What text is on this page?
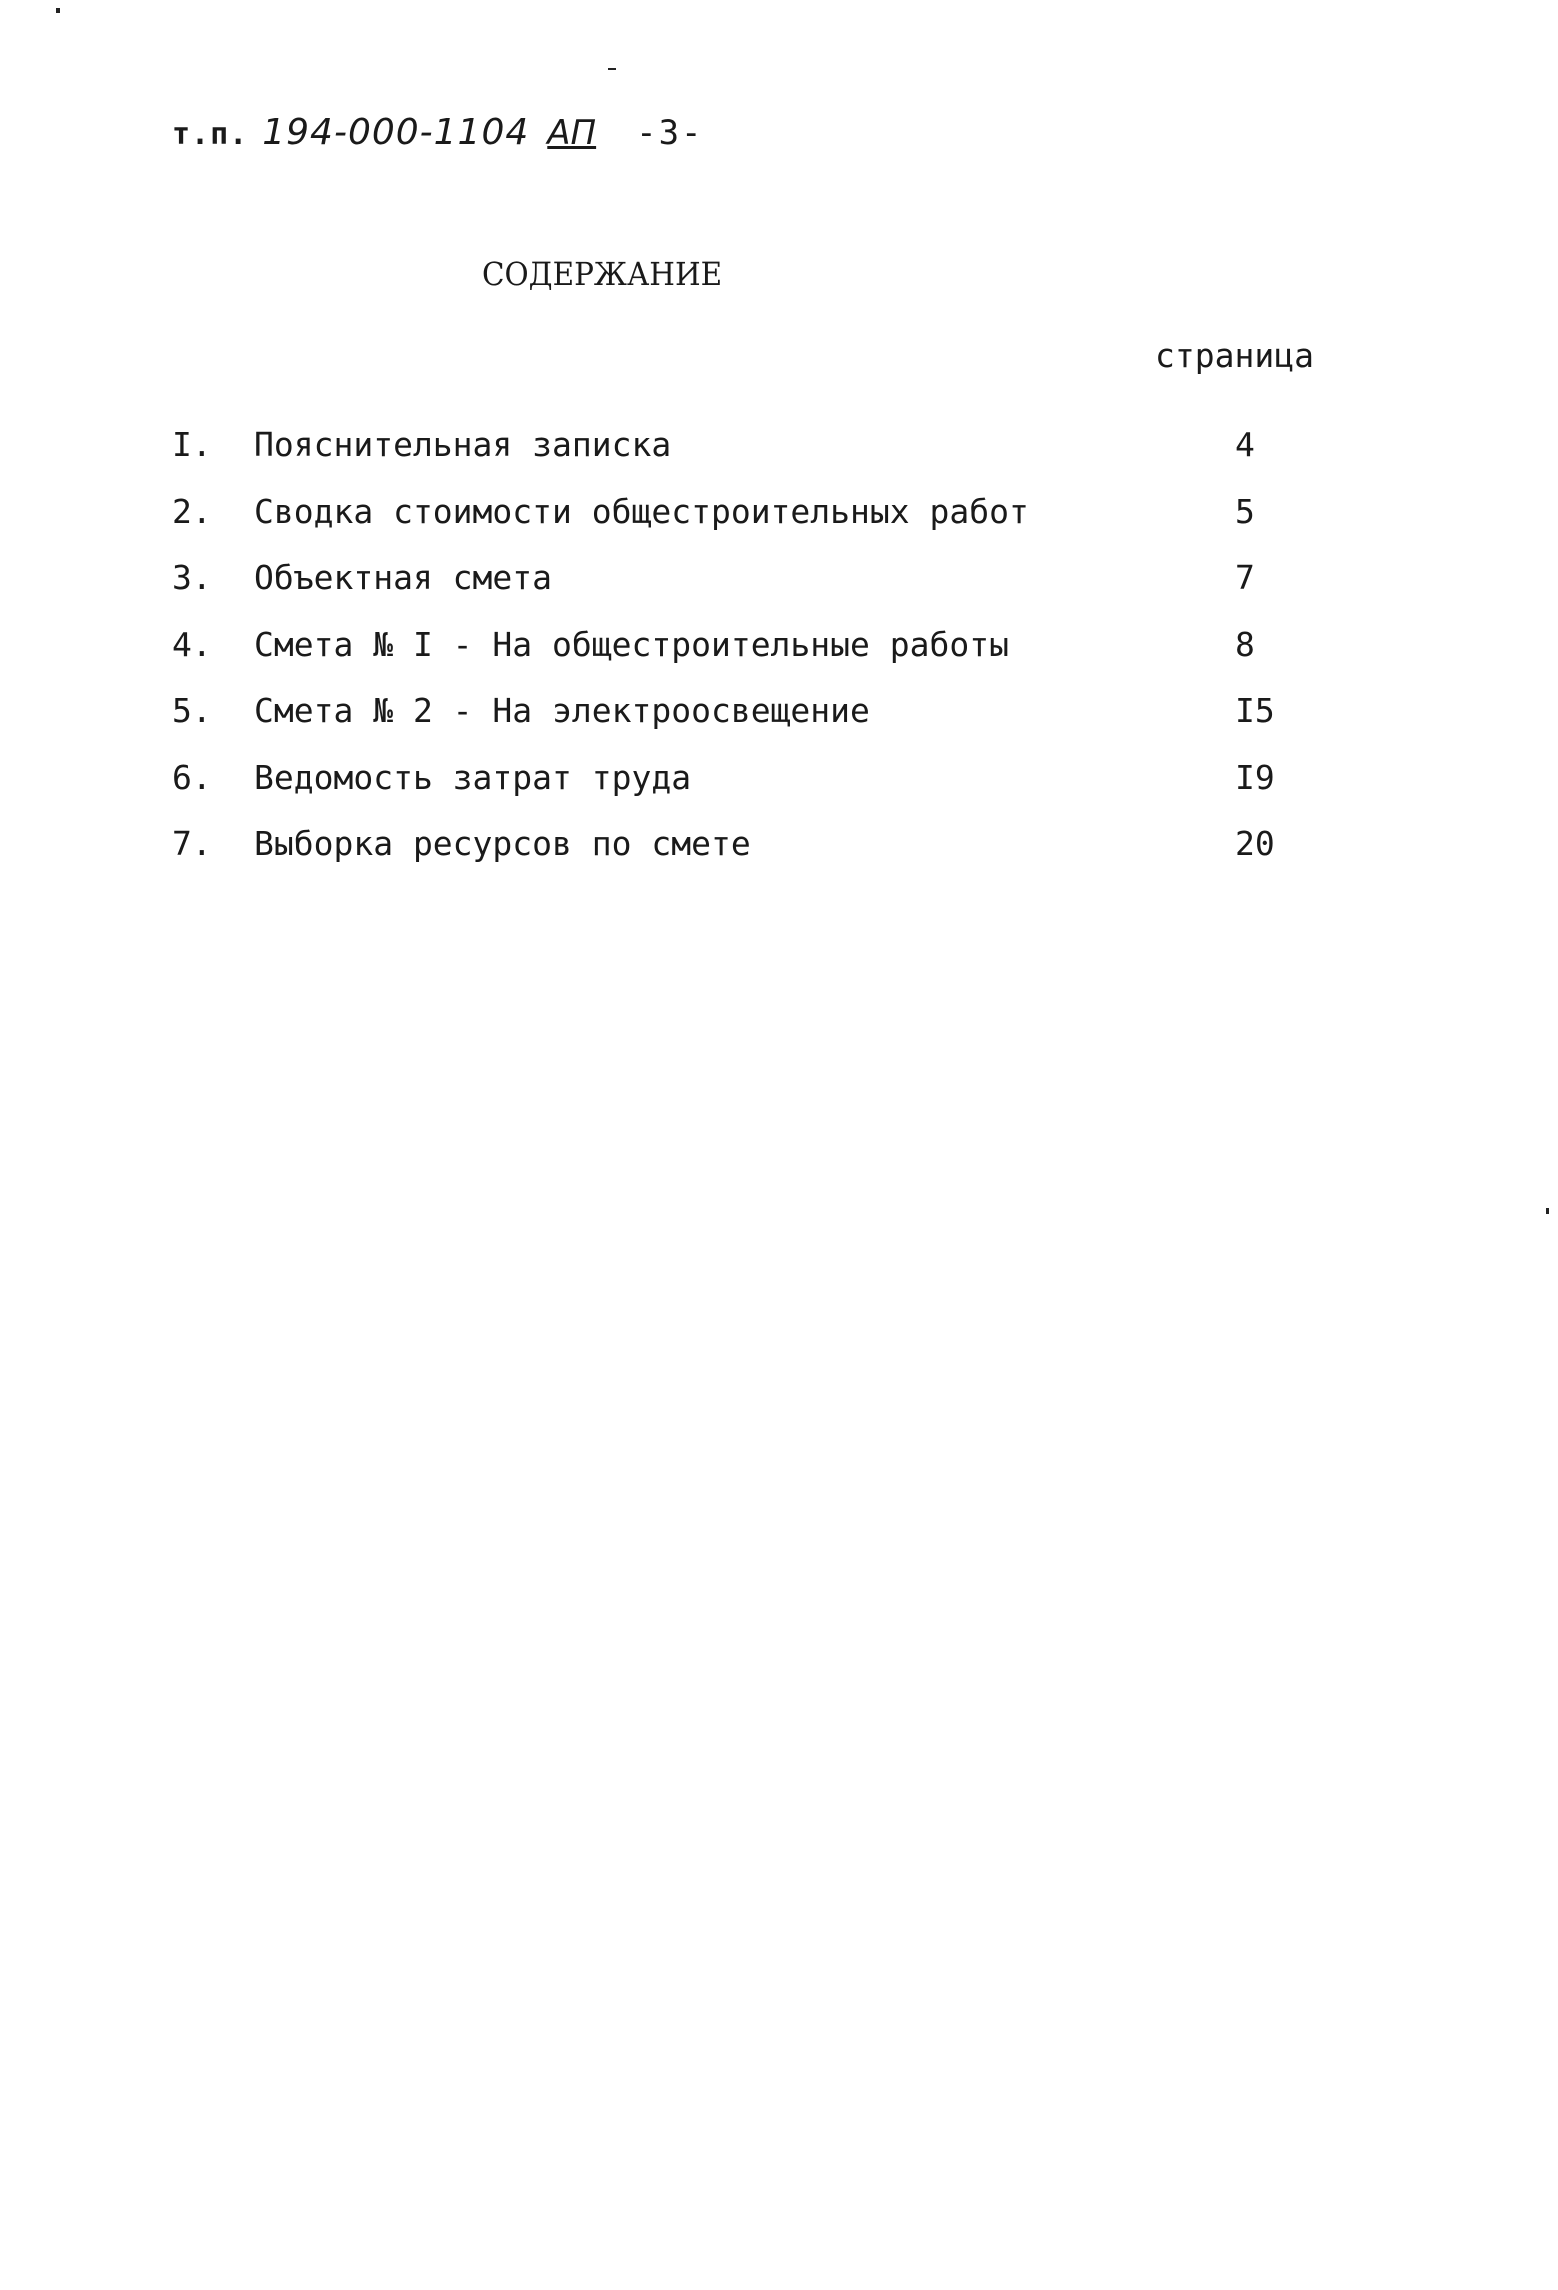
т.п. 194-000-1104 АП -3-
СОДЕРЖАНИЕ
страница
I. Пояснительная записка	4
2. Сводка стоимости общестроительных работ	5
3. Объектная смета	7
4. Смета № I - На общестроительные работы	8
5. Смета № 2 - На электроосвещение	I5
6. Ведомость затрат труда	I9
7. Выборка ресурсов по смете	20
